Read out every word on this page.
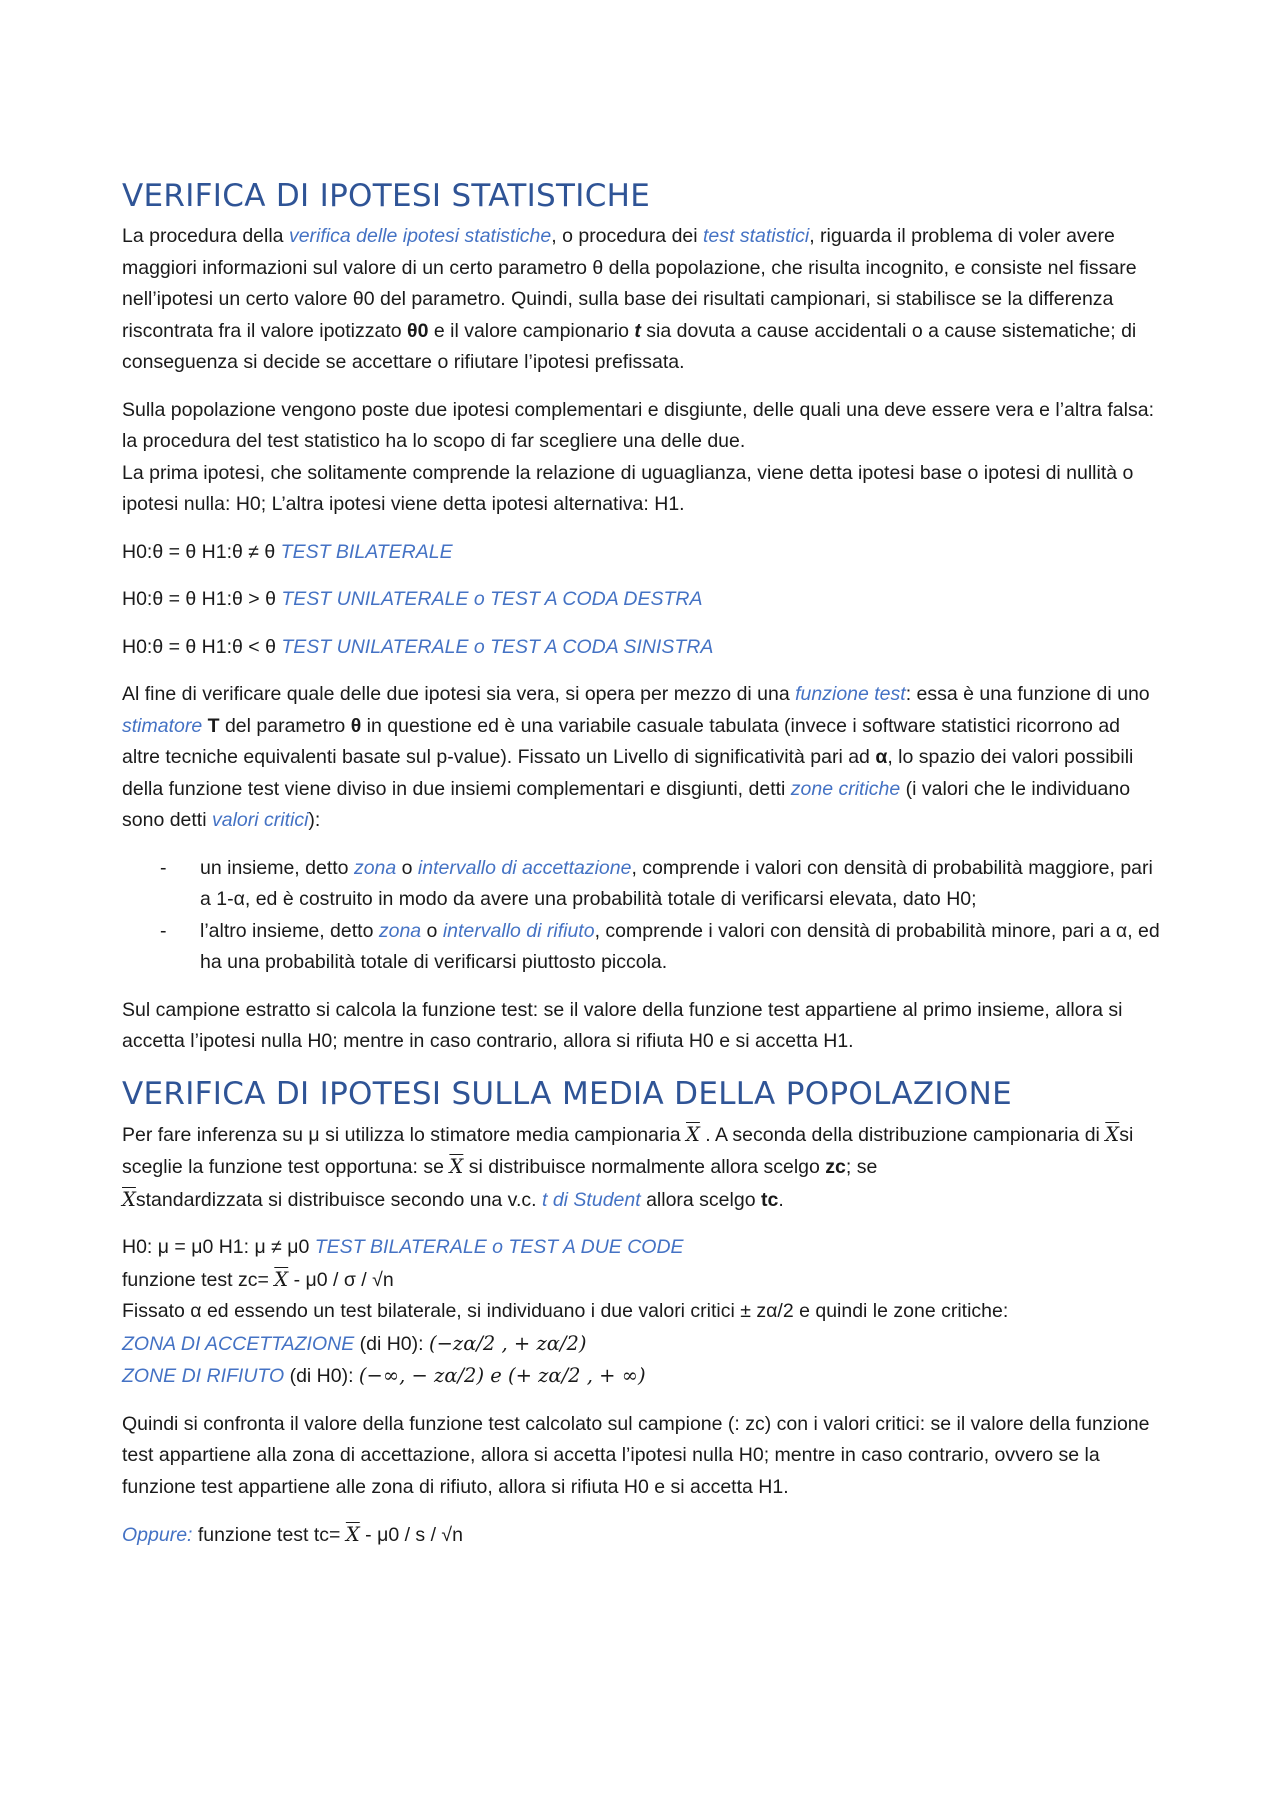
VERIFICA DI IPOTESI STATISTICHE

La procedura della verifica delle ipotesi statistiche, o procedura dei test statistici, riguarda il problema di voler avere maggiori informazioni sul valore di un certo parametro θ della popolazione, che risulta incognito, e consiste nel fissare nell’ipotesi un certo valore θ0 del parametro. Quindi, sulla base dei risultati campionari, si stabilisce se la differenza riscontrata fra il valore ipotizzato θ0 e il valore campionario t sia dovuta a cause accidentali o a cause sistematiche; di conseguenza si decide se accettare o rifiutare l’ipotesi prefissata.

Sulla popolazione vengono poste due ipotesi complementari e disgiunte, delle quali una deve essere vera e l’altra falsa: la procedura del test statistico ha lo scopo di far scegliere una delle due.
La prima ipotesi, che solitamente comprende la relazione di uguaglianza, viene detta ipotesi base o ipotesi di nullità o ipotesi nulla: H0; L’altra ipotesi viene detta ipotesi alternativa: H1.

H0:θ = θ H1:θ ≠ θ TEST BILATERALE

H0:θ = θ H1:θ > θ TEST UNILATERALE o TEST A CODA DESTRA

H0:θ = θ H1:θ < θ TEST UNILATERALE o TEST A CODA SINISTRA

Al fine di verificare quale delle due ipotesi sia vera, si opera per mezzo di una funzione test: essa è una funzione di uno stimatore T del parametro θ in questione ed è una variabile casuale tabulata (invece i software statistici ricorrono ad altre tecniche equivalenti basate sul p-value). Fissato un Livello di significatività pari ad α, lo spazio dei valori possibili della funzione test viene diviso in due insiemi complementari e disgiunti, detti zone critiche (i valori che le individuano sono detti valori critici):

- un insieme, detto zona o intervallo di accettazione, comprende i valori con densità di probabilità maggiore, pari a 1-α, ed è costruito in modo da avere una probabilità totale di verificarsi elevata, dato H0;
- l’altro insieme, detto zona o intervallo di rifiuto, comprende i valori con densità di probabilità minore, pari a α, ed ha una probabilità totale di verificarsi piuttosto piccola.

Sul campione estratto si calcola la funzione test: se il valore della funzione test appartiene al primo insieme, allora si accetta l’ipotesi nulla H0; mentre in caso contrario, allora si rifiuta H0 e si accetta H1.

VERIFICA DI IPOTESI SULLA MEDIA DELLA POPOLAZIONE

Per fare inferenza su μ si utilizza lo stimatore media campionaria $\overline{X}$ . A seconda della distribuzione campionaria di $\overline{X}si$ sceglie la funzione test opportuna: se $\overline{X}$ si distribuisce normalmente allora scelgo zc; se
$\overline{X}standardizzata$ si distribuisce secondo una v.c. t di Student allora scelgo tc.

H0: μ = μ0 H1: μ ≠ μ0 TEST BILATERALE o TEST A DUE CODE
funzione test $zc= \overline{X} - \mu 0 / \sigma / √n$
Fissato α ed essendo un test bilaterale, si individuano i due valori critici ± zα/2 e quindi le zone critiche:
ZONA DI ACCETTAZIONE (di H0): (−zα/2 , + zα/2)
ZONE DI RIFIUTO (di H0): (−∞, − zα/2) e (+ zα/2 , + ∞)

Quindi si confronta il valore della funzione test calcolato sul campione (: zc) con i valori critici: se il valore della funzione test appartiene alla zona di accettazione, allora si accetta l’ipotesi nulla H0; mentre in caso contrario, ovvero se la funzione test appartiene alle zona di rifiuto, allora si rifiuta H0 e si accetta H1.

Oppure: funzione test $tc= \overline{X} - \mu 0 / s / √n$
